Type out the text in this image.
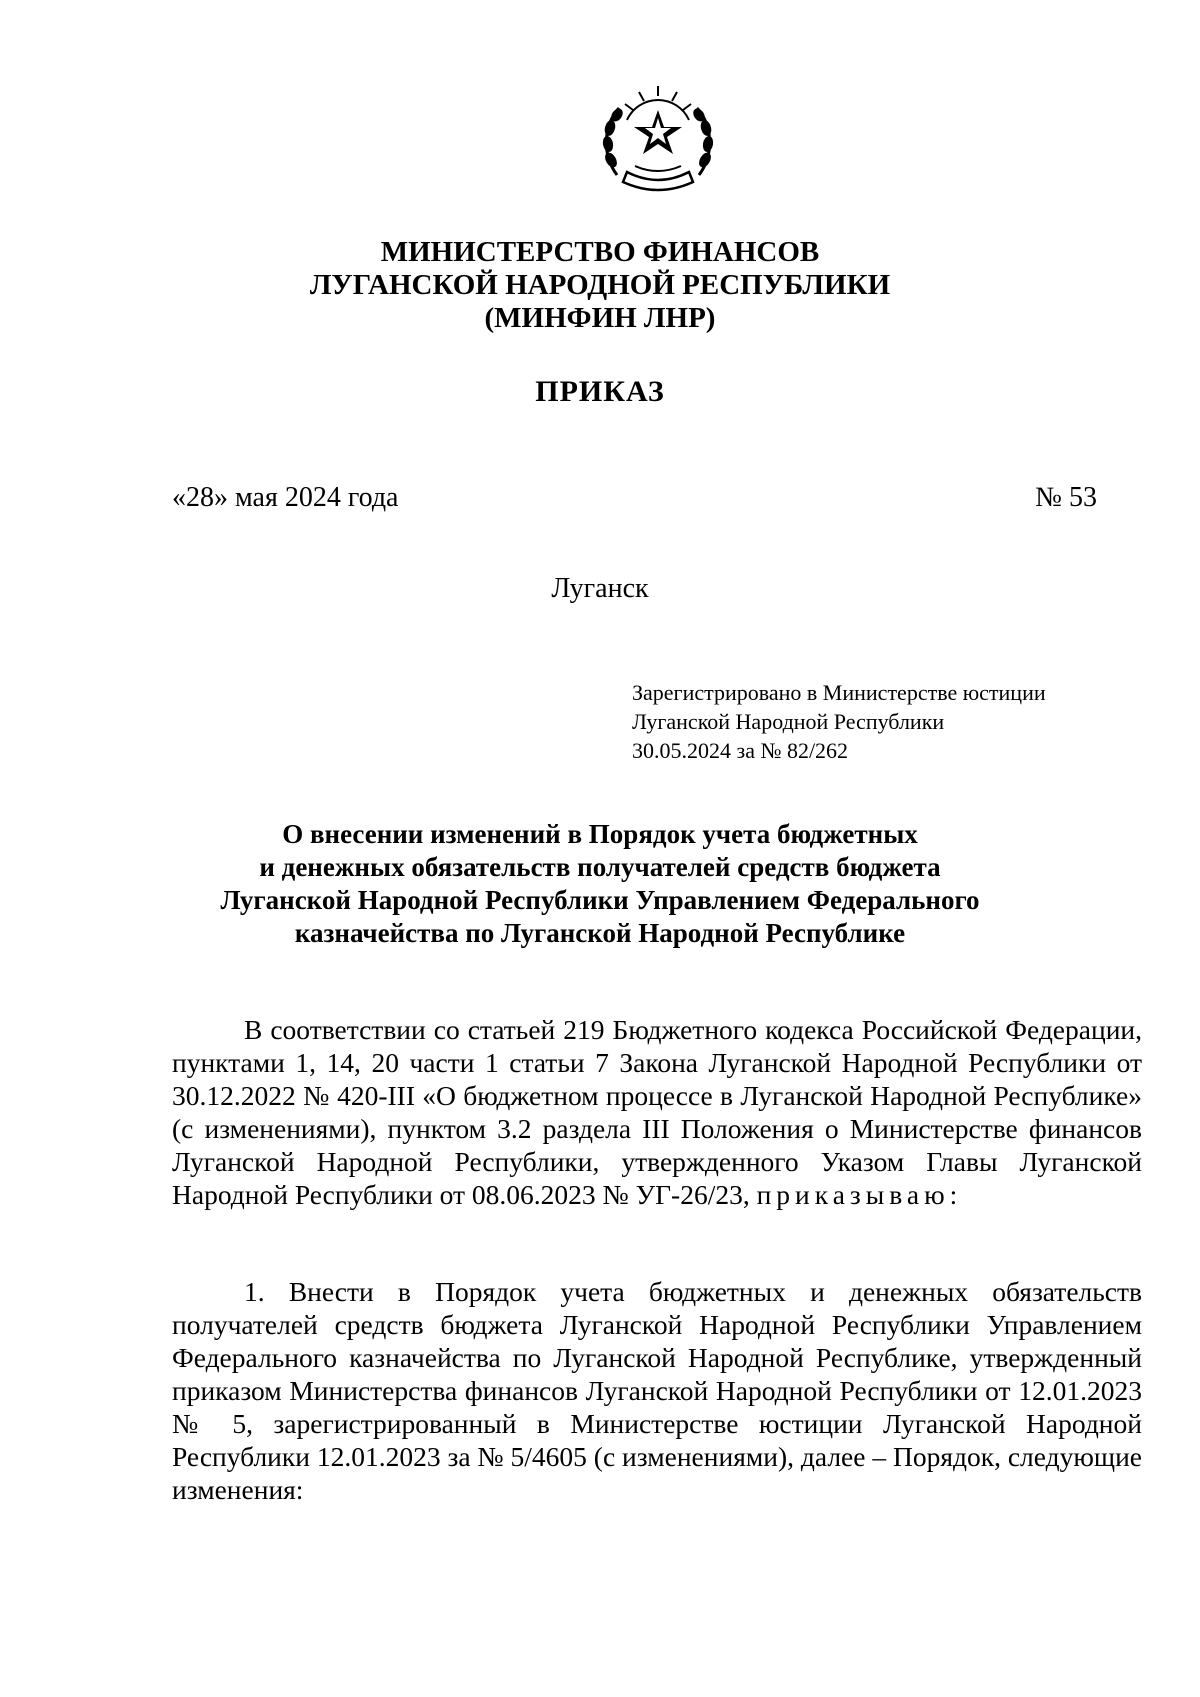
МИНИСТЕРСТВО ФИНАНСОВ
ЛУГАНСКОЙ НАРОДНОЙ РЕСПУБЛИКИ
(МИНФИН ЛНР)
ПРИКАЗ
«28» мая 2024 года	№ 53
Луганск
Зарегистрировано в Министерстве юстиции
Луганской Народной Республики
30.05.2024 за № 82/262
О внесении изменений в Порядок учета бюджетных
и денежных обязательств получателей средств бюджета
Луганской Народной Республики Управлением Федерального
казначейства по Луганской Народной Республике

В соответствии со статьей 219 Бюджетного кодекса Российской Федерации, пунктами 1, 14, 20 части 1 статьи 7 Закона Луганской Народной Республики от 30.12.2022 № 420-III «О бюджетном процессе в Луганской Народной Республике» (с изменениями), пунктом 3.2 раздела III Положения о Министерстве финансов Луганской Народной Республики, утвержденного Указом Главы Луганской Народной Республики от 08.06.2023 № УГ-26/23, приказываю:

1. Внести в Порядок учета бюджетных и денежных обязательств получателей средств бюджета Луганской Народной Республики Управлением Федерального казначейства по Луганской Народной Республике, утвержденный приказом Министерства финансов Луганской Народной Республики от 12.01.2023 № 5, зарегистрированный в Министерстве юстиции Луганской Народной Республики 12.01.2023 за № 5/4605 (с изменениями), далее – Порядок, следующие изменения:
